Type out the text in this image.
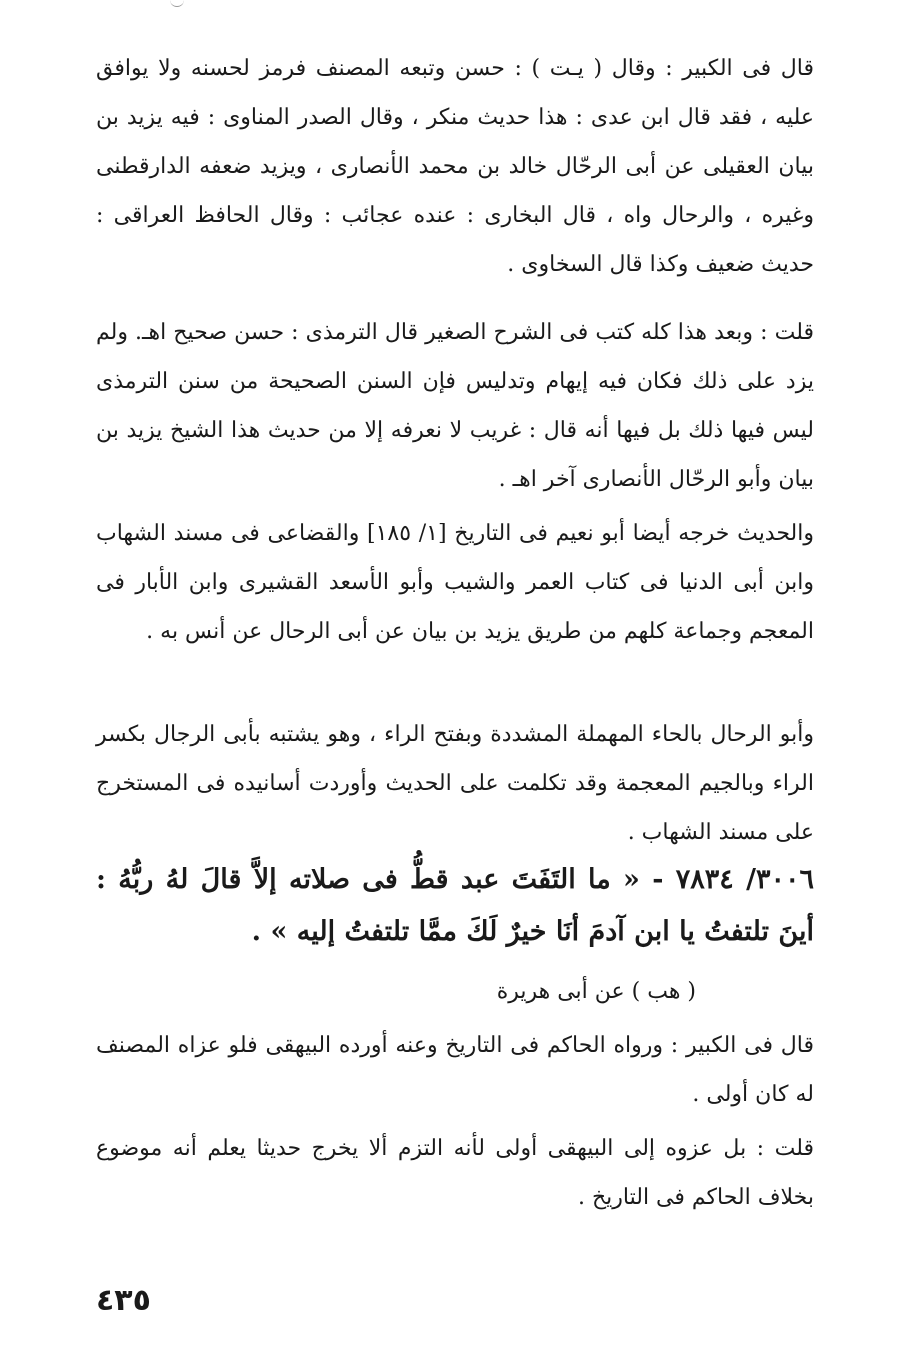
قال فى الكبير : وقال ( يـت ) : حسن وتبعه المصنف فرمز لحسنه ولا يوافق عليه ، فقد قال ابن عدى : هذا حديث منكر ، وقال الصدر المناوى : فيه يزيد بن بيان العقيلى عن أبى الرحّال خالد بن محمد الأنصارى ، ويزيد ضعفه الدارقطنى وغيره ، والرحال واه ، قال البخارى : عنده عجائب : وقال الحافظ العراقى : حديث ضعيف وكذا قال السخاوى .

قلت : وبعد هذا كله كتب فى الشرح الصغير قال الترمذى : حسن صحيح اهـ. ولم يزد على ذلك فكان فيه إيهام وتدليس فإن السنن الصحيحة من سنن الترمذى ليس فيها ذلك بل فيها أنه قال : غريب لا نعرفه إلا من حديث هذا الشيخ يزيد بن بيان وأبو الرحّال الأنصارى آخر اهـ .

والحديث خرجه أيضا أبو نعيم فى التاريخ [١/ ١٨٥] والقضاعى فى مسند الشهاب وابن أبى الدنيا فى كتاب العمر والشيب وأبو الأسعد القشيرى وابن الأبار فى المعجم وجماعة كلهم من طريق يزيد بن بيان عن أبى الرحال عن أنس به .

وأبو الرحال بالحاء المهملة المشددة وبفتح الراء ، وهو يشتبه بأبى الرجال بكسر الراء وبالجيم المعجمة وقد تكلمت على الحديث وأوردت أسانيده فى المستخرج على مسند الشهاب .

٣٠٠٦/ ٧٨٣٤ - « ما التَفَتَ عبد قطُّ فى صلاته إلاَّ قالَ لهُ ربُّهُ : أينَ تلتفتُ يا ابن آدمَ أنَا خيرٌ لَكَ ممَّا تلتفتُ إليه » .

( هب ) عن أبى هريرة

قال فى الكبير : ورواه الحاكم فى التاريخ وعنه أورده البيهقى فلو عزاه المصنف له كان أولى .

قلت : بل عزوه إلى البيهقى أولى لأنه التزم ألا يخرج حديثا يعلم أنه موضوع بخلاف الحاكم فى التاريخ .

٤٣٥
